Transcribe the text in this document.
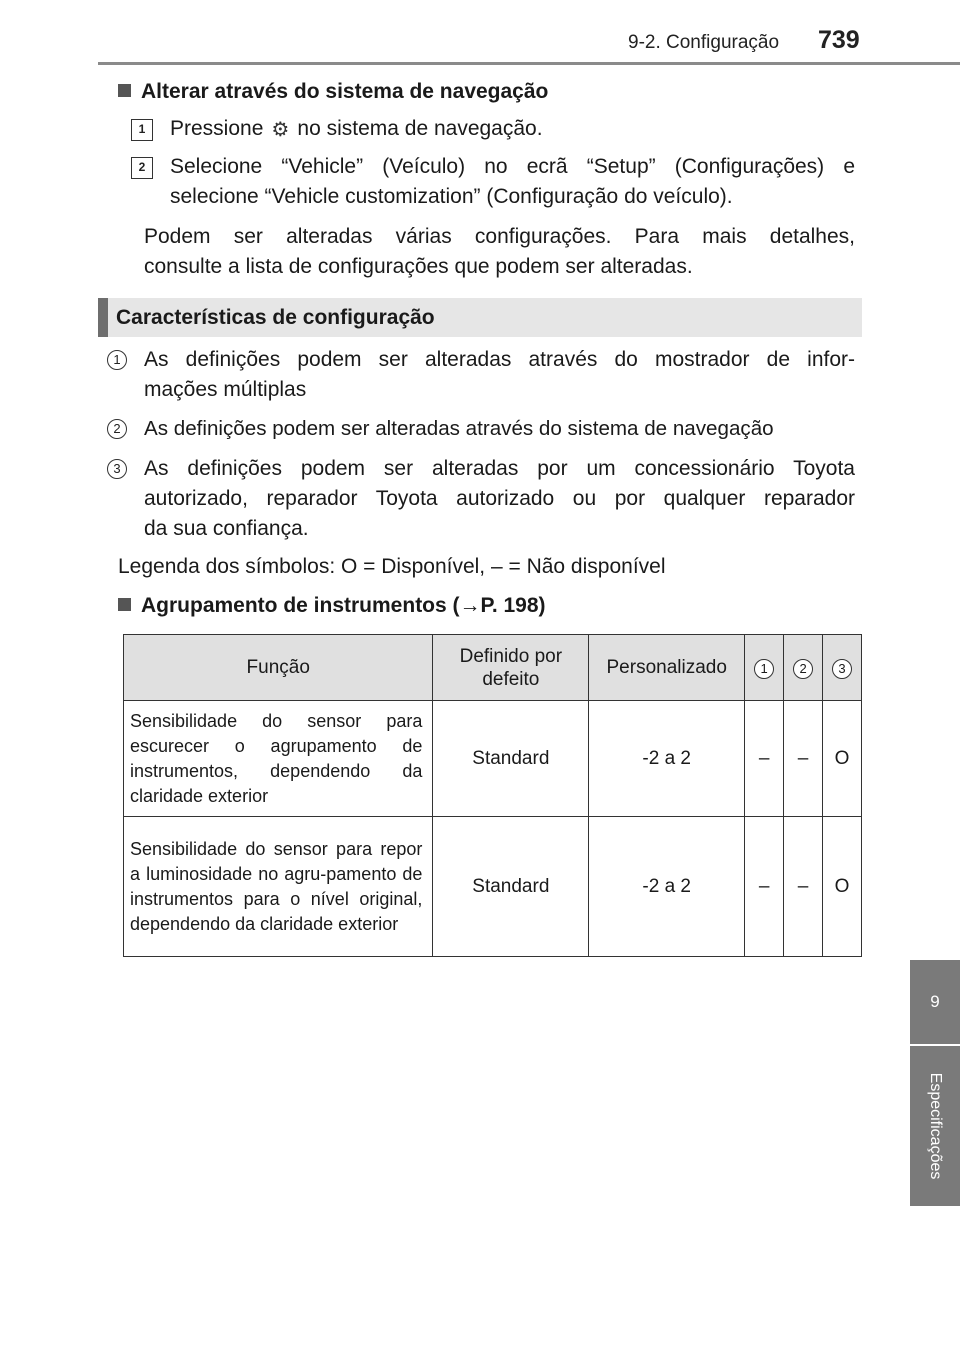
9-2. Configuração 739
9
Especificações
Alterar através do sistema de navegação
1	Pressione ⚙ no sistema de navegação.
2	Selecione “Vehicle” (Veículo) no ecrã “Setup” (Configurações) e
selecione “Vehicle customization” (Configuração do veículo).
Podem ser alteradas várias configurações. Para mais detalhes,
consulte a lista de configurações que podem ser alteradas.
Características de configuração
1	As definições podem ser alteradas através do mostrador de infor-
mações múltiplas
2	As definições podem ser alteradas através do sistema de navegação
3	As definições podem ser alteradas por um concessionário Toyota
autorizado, reparador Toyota autorizado ou por qualquer reparador
da sua confiança.
Legenda dos símbolos: O = Disponível, – = Não disponível
Agrupamento de instrumentos (→P. 198)
Função	Definido por defeito	Personalizado	1	2	3
Sensibilidade do sensor para escurecer o agrupamento de instrumentos, dependendo da claridade exterior	Standard	-2 a 2	–	–	O
Sensibilidade do sensor para repor a luminosidade no agru-pamento de instrumentos para o nível original, dependendo da claridade exterior	Standard	-2 a 2	–	–	O
